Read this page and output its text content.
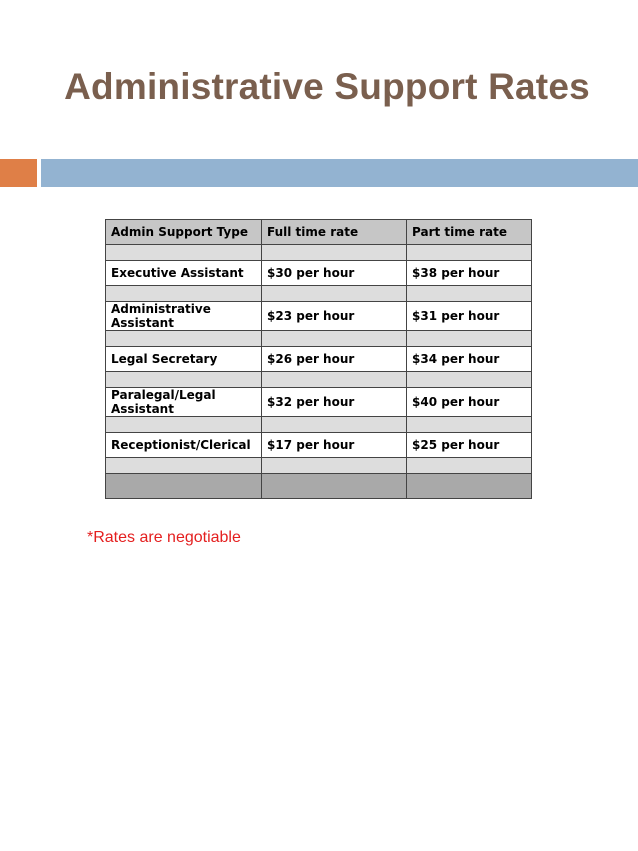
Administrative Support Rates
Admin Support Type	Full time rate	Part time rate

Executive Assistant	$30 per hour	$38 per hour

Administrative Assistant	$23 per hour	$31 per hour

Legal Secretary	$26 per hour	$34 per hour

Paralegal/Legal Assistant	$32 per hour	$40 per hour

Receptionist/Clerical	$17 per hour	$25 per hour

*Rates are negotiable
